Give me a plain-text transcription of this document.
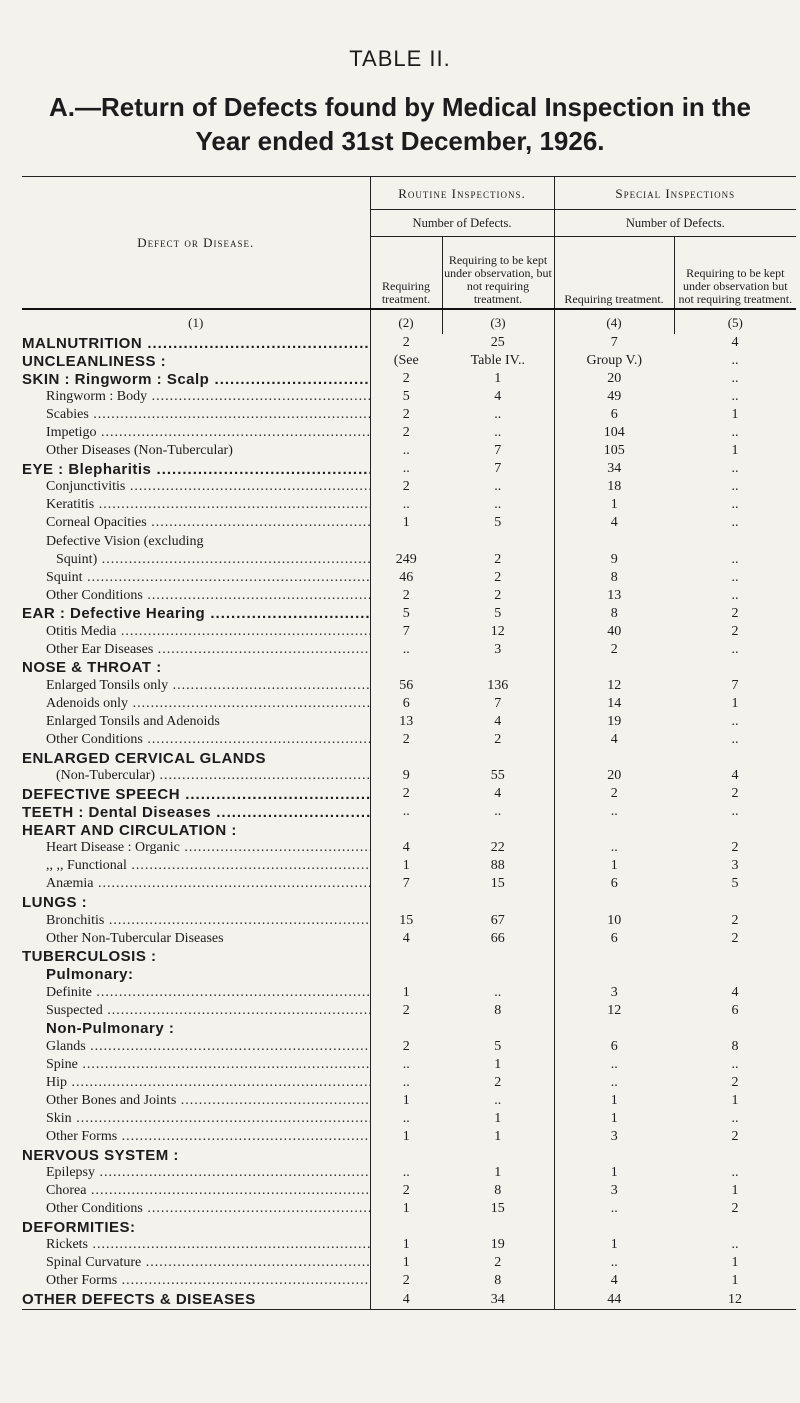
TABLE II.
A.—Return of Defects found by Medical Inspection in the
Year ended 31st December, 1926.
Defect or Disease.	Routine Inspections.		Special Inspections	
	Number of Defects.		Number of Defects.	
	Requiring treatment.	Requiring to be kept under observation, but not requiring treatment.	Requiring treatment.	Requiring to be kept under observation but not requiring treatment.
(1)	(2)	(3)	(4)	(5)
MALNUTRITION .....	2	25	7	4
UNCLEANLINESS :	(See	Table IV..	Group V.)	..
SKIN : Ringworm : Scalp .....	2	1	20	..
Ringworm : Body .....	5	4	49	..
Scabies .....	2	..	6	1
Impetigo .....	2	..	104	..
Other Diseases (Non-Tubercular)	..	7	105	1
EYE : Blepharitis .....	..	7	34	..
Conjunctivitis .....	2	..	18	..
Keratitis .....	..	..	1	..
Corneal Opacities .....	1	5	4	..
Defective Vision (excluding				
Squint) .....	249	2	9	..
Squint .....	46	2	8	..
Other Conditions .....	2	2	13	..
EAR : Defective Hearing .....	5	5	8	2
Otitis Media .....	7	12	40	2
Other Ear Diseases .....	..	3	2	..
NOSE & THROAT :				
Enlarged Tonsils only .....	56	136	12	7
Adenoids only .....	6	7	14	1
Enlarged Tonsils and Adenoids	13	4	19	..
Other Conditions .....	2	2	4	..
ENLARGED CERVICAL GLANDS				
(Non-Tubercular) .....	9	55	20	4
DEFECTIVE SPEECH .....	2	4	2	2
TEETH : Dental Diseases .....	..	..	..	..
HEART AND CIRCULATION :				
Heart Disease : Organic .....	4	22	..	2
,, ,, Functional .....	1	88	1	3
Anæmia .....	7	15	6	5
LUNGS :				
Bronchitis .....	15	67	10	2
Other Non-Tubercular Diseases	4	66	6	2
TUBERCULOSIS :				
Pulmonary:				
Definite .....	1	..	3	4
Suspected .....	2	8	12	6
Non-Pulmonary :				
Glands .....	2	5	6	8
Spine .....	..	1	..	..
Hip .....	..	2	..	2
Other Bones and Joints .....	1	..	1	1
Skin .....	..	1	1	..
Other Forms .....	1	1	3	2
NERVOUS SYSTEM :				
Epilepsy .....	..	1	1	..
Chorea .....	2	8	3	1
Other Conditions .....	1	15	..	2
DEFORMITIES:				
Rickets .....	1	19	1	..
Spinal Curvature .....	1	2	..	1
Other Forms .....	2	8	4	1
OTHER DEFECTS & DISEASES	4	34	44	12
